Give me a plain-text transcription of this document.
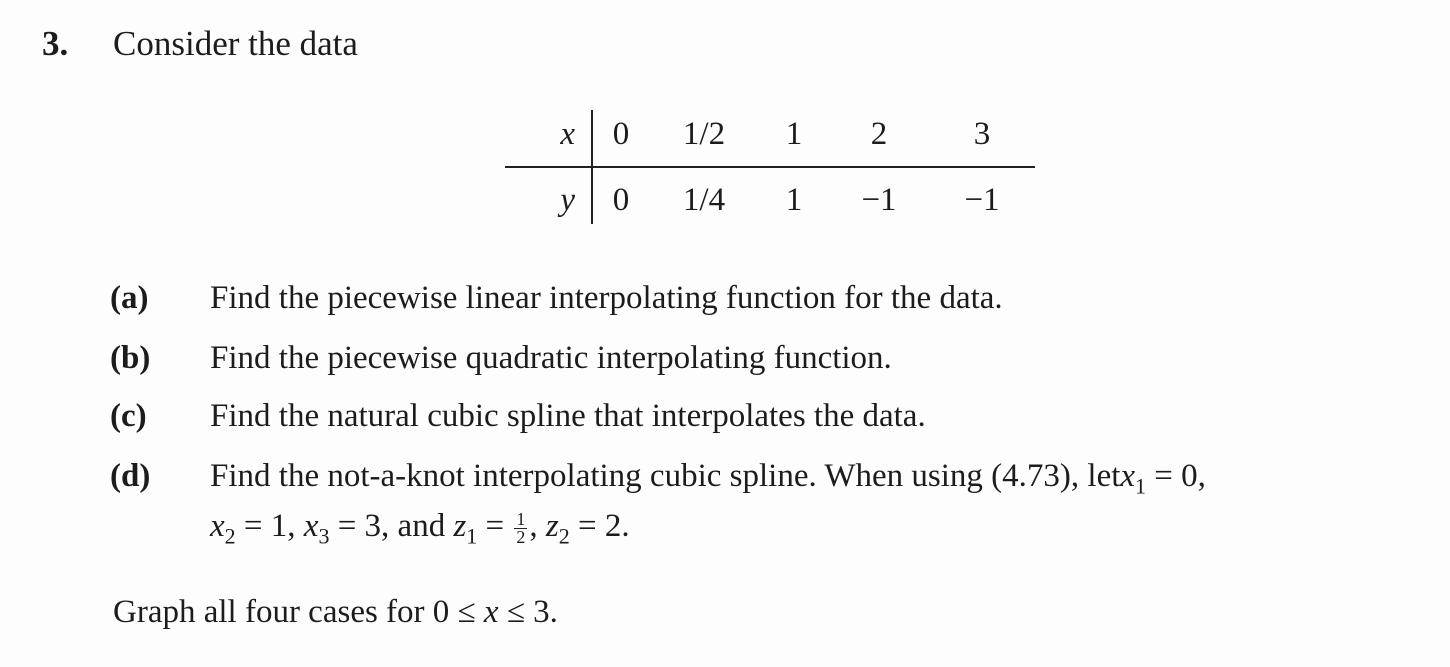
3. Consider the data
x	0	1/2	1	2	3
y	0	1/4	1	−1	−1
(a) Find the piecewise linear interpolating function for the data.
(b) Find the piecewise quadratic interpolating function.
(c) Find the natural cubic spline that interpolates the data.
(d) Find the not-a-knot interpolating cubic spline. When using (4.73), letx$_1$ = 0,
$x_2 = 1$, $x_3 = 3$, and $z_1 = \frac{1}{2}$ , $z_2 = 2$.
Graph all four cases for 0 ≤ x ≤ 3.
